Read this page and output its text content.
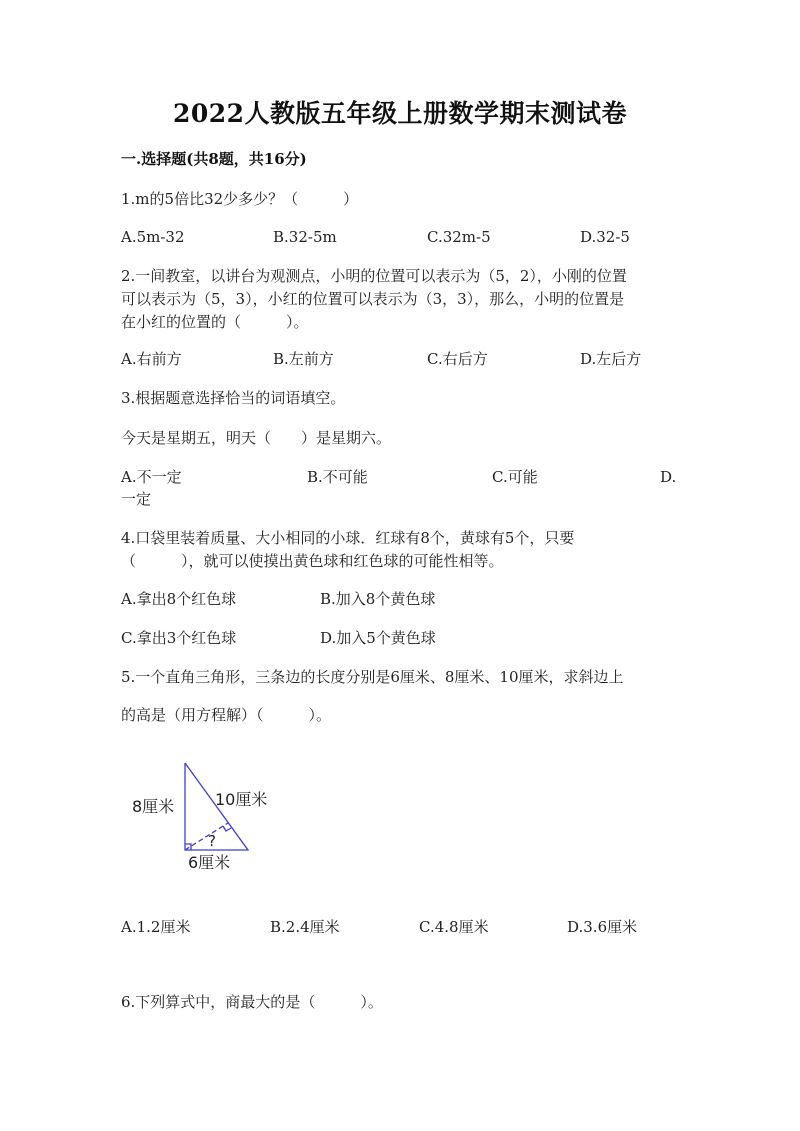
2022人教版五年级上册数学期末测试卷
一.选择题(共8题，共16分)
1.m的5倍比32少多少？（　　　）
A.5m-32	B.32-5m	C.32m-5	D.32-5
2.一间教室，以讲台为观测点，小明的位置可以表示为（5，2），小刚的位置
可以表示为（5，3），小红的位置可以表示为（3，3），那么，小明的位置是
在小红的位置的（　　　）。
A.右前方	B.左前方	C.右后方	D.左后方
3.根据题意选择恰当的词语填空。
今天是星期五，明天（　　）是星期六。
A.不一定	B.不可能	C.可能	D.
一定
4.口袋里装着质量、大小相同的小球．红球有8个，黄球有5个，只要
（　　　），就可以使摸出黄色球和红色球的可能性相等。
A.拿出8个红色球	B.加入8个黄色球
C.拿出3个红色球	D.加入5个黄色球
5.一个直角三角形，三条边的长度分别是6厘米、8厘米、10厘米，求斜边上
的高是（用方程解）（　　　）。
8厘米	10厘米
?
6厘米
A.1.2厘米	B.2.4厘米	C.4.8厘米	D.3.6厘米
6.下列算式中，商最大的是（　　　）。
